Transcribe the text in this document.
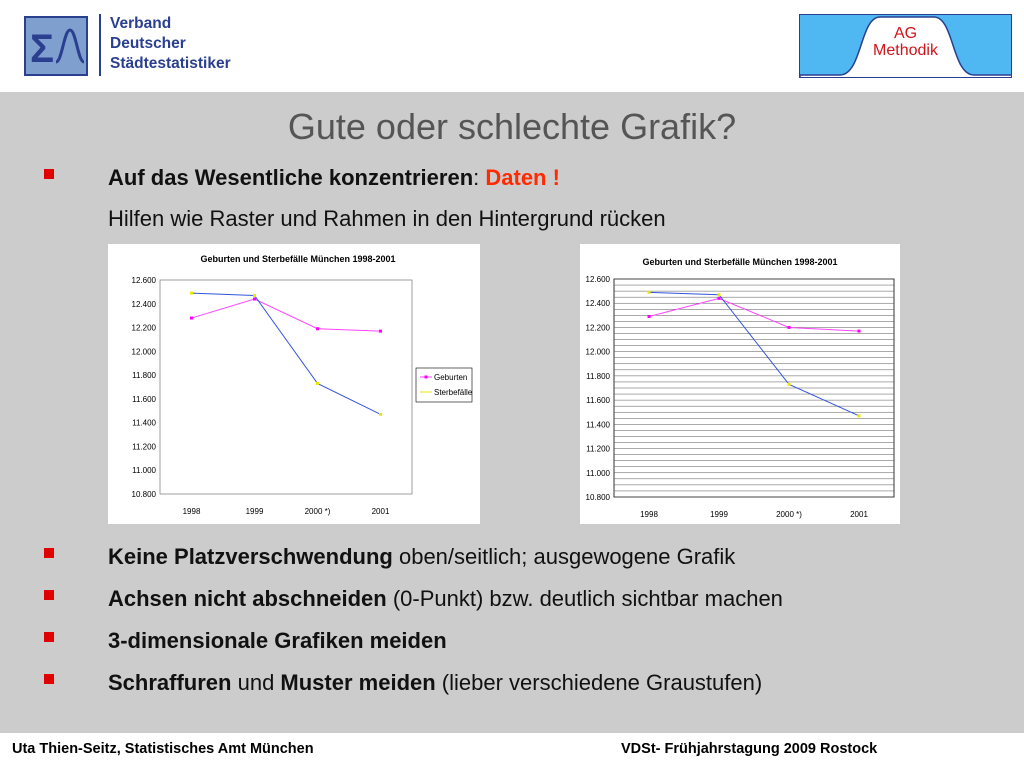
Σ
Verband
Deutscher
Städtestatistiker
AG
Methodik
Gute oder schlechte Grafik?
Auf das Wesentliche konzentrieren: Daten !
Hilfen wie Raster und Rahmen in den Hintergrund rücken
Geburten und Sterbefälle München 1998-2001
12.600
12.400
12.200
12.000
11.800
11.600
11.400
11.200
11.000
10.800
1998	1999	2000 *)	2001
Geburten
Sterbefälle
Geburten und Sterbefälle München 1998-2001
12.600
12.400
12.200
12.000
11.800
11.600
11.400
11.200
11.000
10.800
1998	1999	2000 *)	2001
Keine Platzverschwendung oben/seitlich; ausgewogene Grafik
Achsen nicht abschneiden (0-Punkt) bzw. deutlich sichtbar machen
3-dimensionale Grafiken meiden
Schraffuren und Muster meiden (lieber verschiedene Graustufen)
Uta Thien-Seitz, Statistisches Amt München	VDSt- Frühjahrstagung 2009 Rostock
